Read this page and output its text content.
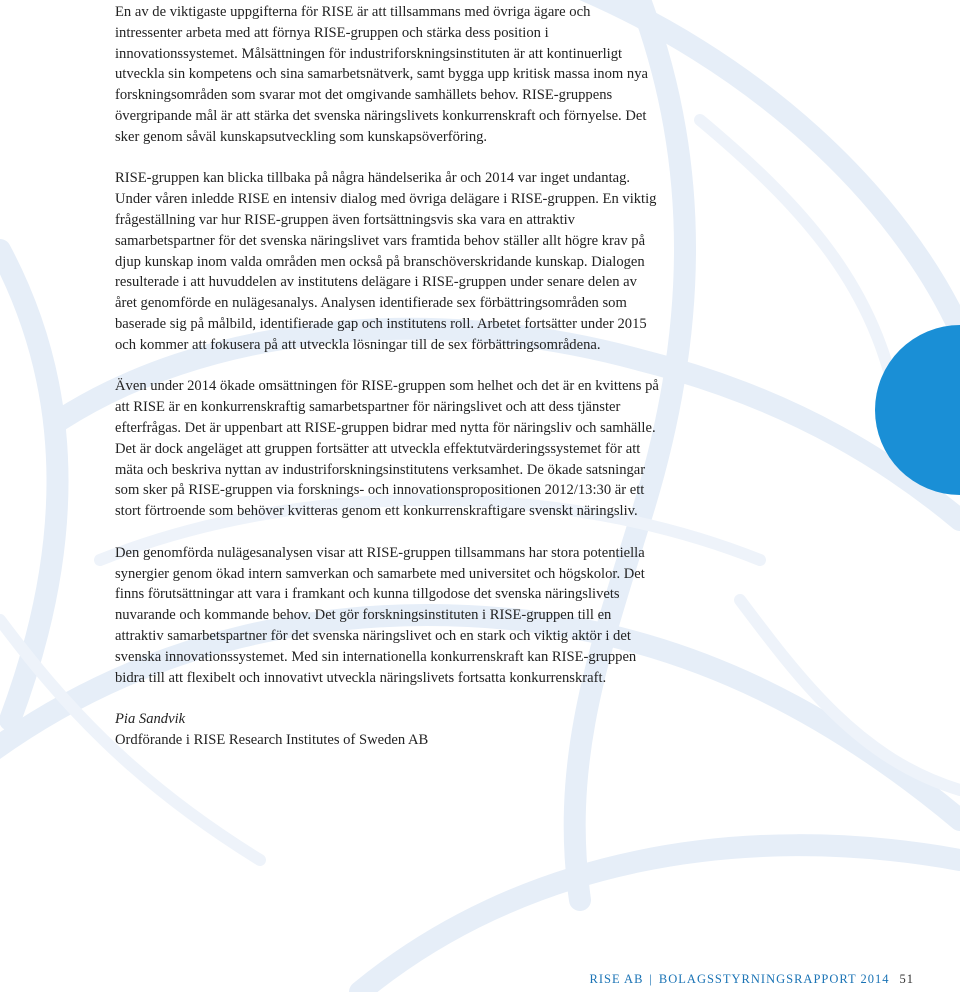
En av de viktigaste uppgifterna för RISE är att tillsammans med övriga ägare och intressenter arbeta med att förnya RISE-gruppen och stärka dess position i innovationssystemet. Målsättningen för industriforskningsinstituten är att kontinuerligt utveckla sin kompetens och sina samarbetsnätverk, samt bygga upp kritisk massa inom nya forskningsområden som svarar mot det omgivande samhällets behov. RISE-gruppens övergripande mål är att stärka det svenska näringslivets konkurrenskraft och förnyelse. Det sker genom såväl kunskapsutveckling som kunskapsöverföring.

RISE-gruppen kan blicka tillbaka på några händelserika år och 2014 var inget undantag. Under våren inledde RISE en intensiv dialog med övriga delägare i RISE-gruppen. En viktig frågeställning var hur RISE-gruppen även fortsättningsvis ska vara en attraktiv samarbetspartner för det svenska näringslivet vars framtida behov ställer allt högre krav på djup kunskap inom valda områden men också på branschöverskridande kunskap. Dialogen resulterade i att huvuddelen av institutens delägare i RISE-gruppen under senare delen av året genomförde en nulägesanalys. Analysen identifierade sex förbättringsområden som baserade sig på målbild, identifierade gap och institutens roll. Arbetet fortsätter under 2015 och kommer att fokusera på att utveckla lösningar till de sex förbättringsområdena.

Även under 2014 ökade omsättningen för RISE-gruppen som helhet och det är en kvittens på att RISE är en konkurrenskraftig samarbetspartner för näringslivet och att dess tjänster efterfrågas. Det är uppenbart att RISE-gruppen bidrar med nytta för näringsliv och samhälle. Det är dock angeläget att gruppen fortsätter att utveckla effektutvärderingssystemet för att mäta och beskriva nyttan av industriforskningsinstitutens verksamhet. De ökade satsningar som sker på RISE-gruppen via forsknings- och innovationspropositionen 2012/13:30 är ett stort förtroende som behöver kvitteras genom ett konkurrenskraftigare svenskt näringsliv.

Den genomförda nulägesanalysen visar att RISE-gruppen tillsammans har stora potentiella synergier genom ökad intern samverkan och samarbete med universitet och högskolor. Det finns förutsättningar att vara i framkant och kunna tillgodose det svenska näringslivets nuvarande och kommande behov. Det gör forskningsinstituten i RISE-gruppen till en attraktiv samarbetspartner för det svenska näringslivet och en stark och viktig aktör i det svenska innovationssystemet. Med sin internationella konkurrenskraft kan RISE-gruppen bidra till att flexibelt och innovativt utveckla näringslivets fortsatta konkurrenskraft.

Pia Sandvik
Ordförande i RISE Research Institutes of Sweden AB
RISE AB | BOLAGSSTYRNINGSRAPPORT 2014 51
